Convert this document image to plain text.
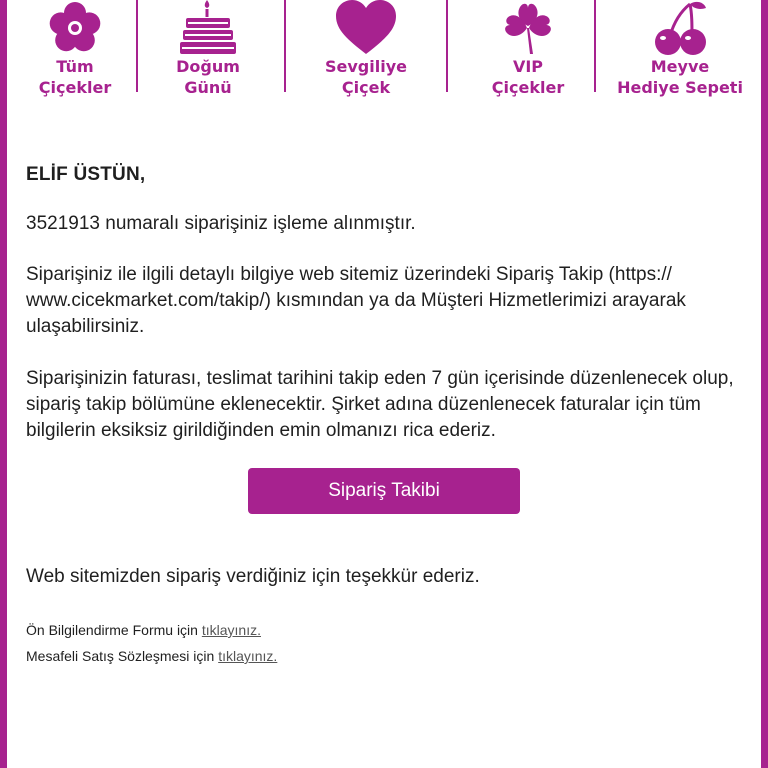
Tüm
Çiçekler
Doğum
Günü
Sevgiliye
Çiçek
VIP
Çiçekler
Meyve
Hediye Sepeti
ELİF ÜSTÜN,

3521913 numaralı siparişiniz işleme alınmıştır.

Siparişiniz ile ilgili detaylı bilgiye web sitemiz üzerindeki Sipariş Takip (https:// www.cicekmarket.com/takip/) kısmından ya da Müşteri Hizmetlerimizi arayarak ulaşabilirsiniz.

Siparişinizin faturası, teslimat tarihini takip eden 7 gün içerisinde düzenlenecek olup, sipariş takip bölümüne eklenecektir. Şirket adına düzenlenecek faturalar için tüm bilgilerin eksiksiz girildiğinden emin olmanızı rica ederiz.

Sipariş Takibi

Web sitemizden sipariş verdiğiniz için teşekkür ederiz.

Ön Bilgilendirme Formu için tıklayınız.

Mesafeli Satış Sözleşmesi için tıklayınız.
